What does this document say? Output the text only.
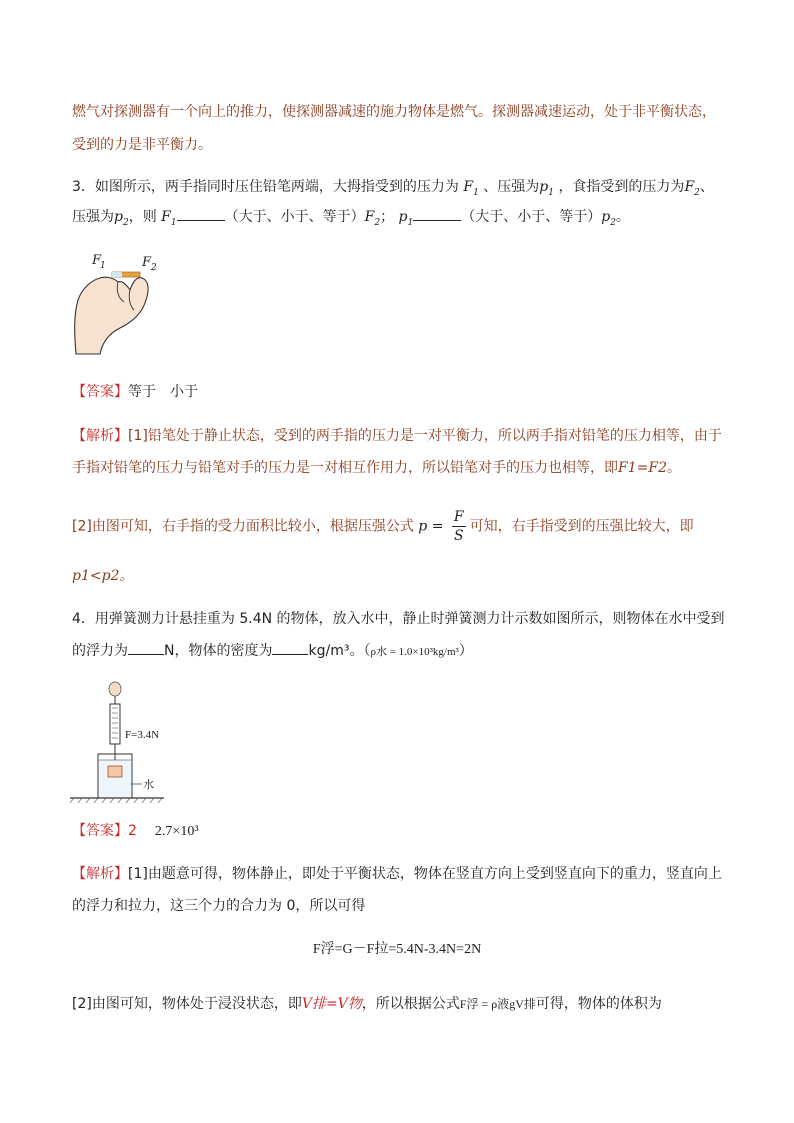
燃气对探测器有一个向上的推力，使探测器减速的施力物体是燃气。探测器减速运动，处于非平衡状态，
受到的力是非平衡力。
3．如图所示，两手指同时压住铅笔两端，大拇指受到的压力为 $F_1$ 、压强为$p_1$ ，食指受到的压力为$F_2$、
压强为$p_2$，则 $F_1$	（大于、小于、等于）$F_2$； $p_1$	（大于、小于、等于）$p_2$。
F
1	F 2
【答案】等于　小于
【解析】[1]铅笔处于静止状态，受到的两手指的压力是一对平衡力，所以两手指对铅笔的压力相等，由于
手指对铅笔的压力与铅笔对手的压力是一对相互作用力，所以铅笔对手的压力也相等，即F1=F2。
[2]由图可知，右手指的受力面积比较小，根据压强公式 $p = \frac{F}{S}$ 可知，右手指受到的压强比较大，即
p1<p2。
4．用弹簧测力计悬挂重为 5.4N 的物体，放入水中，静止时弹簧测力计示数如图所示，则物体在水中受到
的浮力为	N，物体的密度为	kg/m³。（ρ水 = 1.0×10³kg/m³）
F=3.4N
水
【答案】2 2.7×10³
【解析】[1]由题意可得，物体静止，即处于平衡状态，物体在竖直方向上受到竖直向下的重力，竖直向上
的浮力和拉力，这三个力的合力为 0，所以可得
F浮=G－F拉=5.4N-3.4N=2N
[2]由图可知，物体处于浸没状态，即V排=V物，所以根据公式F浮 = ρ液gV排可得，物体的体积为
